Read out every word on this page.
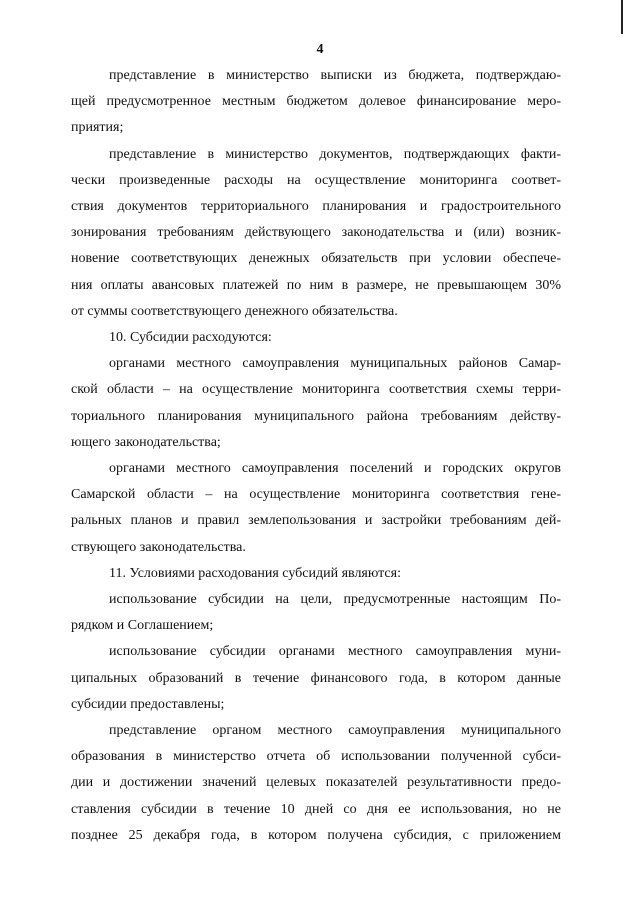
4
представление в министерство выписки из бюджета, подтверждаю-
щей предусмотренное местным бюджетом долевое финансирование меро-
приятия;
представление в министерство документов, подтверждающих факти-
чески произведенные расходы на осуществление мониторинга соответ-
ствия документов территориального планирования и градостроительного
зонирования требованиям действующего законодательства и (или) возник-
новение соответствующих денежных обязательств при условии обеспече-
ния оплаты авансовых платежей по ним в размере, не превышающем 30%
от суммы соответствующего денежного обязательства.
10. Субсидии расходуются:
органами местного самоуправления муниципальных районов Самар-
ской области – на осуществление мониторинга соответствия схемы терри-
ториального планирования муниципального района требованиям действу-
ющего законодательства;
органами местного самоуправления поселений и городских округов
Самарской области – на осуществление мониторинга соответствия гене-
ральных планов и правил землепользования и застройки требованиям дей-
ствующего законодательства.
11. Условиями расходования субсидий являются:
использование субсидии на цели, предусмотренные настоящим По-
рядком и Соглашением;
использование субсидии органами местного самоуправления муни-
ципальных образований в течение финансового года, в котором данные
субсидии предоставлены;
представление органом местного самоуправления муниципального
образования в министерство отчета об использовании полученной субси-
дии и достижении значений целевых показателей результативности предо-
ставления субсидии в течение 10 дней со дня ее использования, но не
позднее 25 декабря года, в котором получена субсидия, с приложением
